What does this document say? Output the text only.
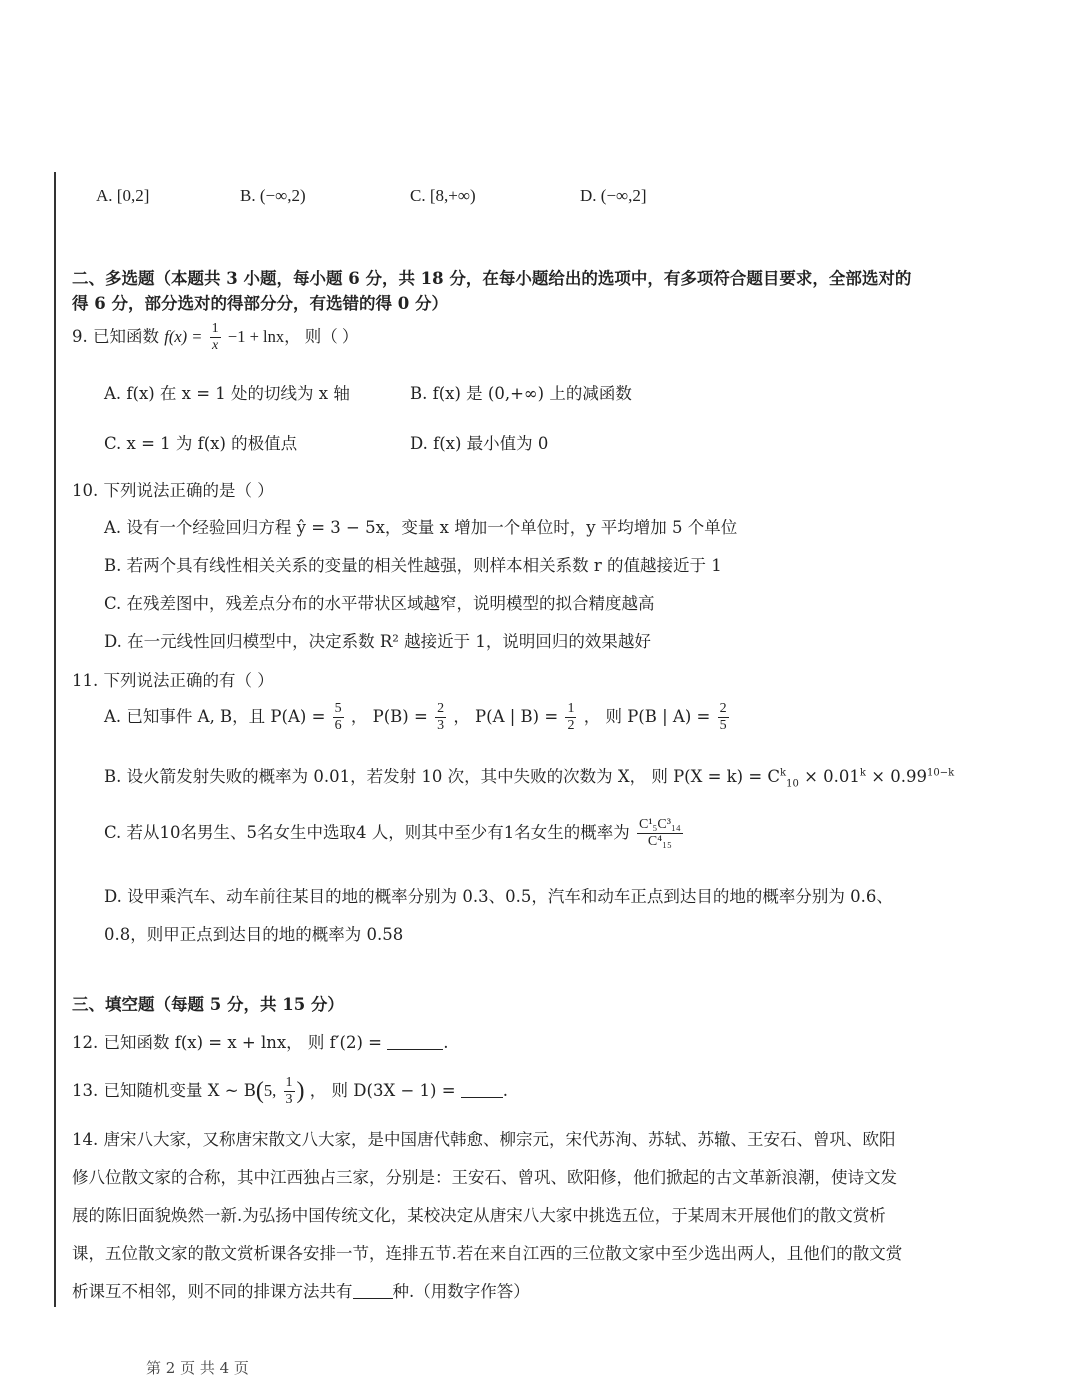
A. [0,2]	B. (−∞,2)	C. [8,+∞)	D. (−∞,2]
二、多选题（本题共 3 小题，每小题 6 分，共 18 分，在每小题给出的选项中，有多项符合题目要求，全部选对的
得 6 分，部分选对的得部分分，有选错的得 0 分）
9. 已知函数 $f(x) = \frac{1}{x} -1 + \ln x$， 则（ ）
A. f(x) 在 x = 1 处的切线为 x 轴	B. f(x) 是 (0,+∞) 上的减函数
C. x = 1 为 f(x) 的极值点	D. f(x) 最小值为 0
10. 下列说法正确的是（ ）
A. 设有一个经验回归方程 ŷ = 3 − 5x，变量 x 增加一个单位时，y 平均增加 5 个单位
B. 若两个具有线性相关关系的变量的相关性越强，则样本相关系数 r 的值越接近于 1
C. 在残差图中，残差点分布的水平带状区域越窄，说明模型的拟合精度越高
D. 在一元线性回归模型中，决定系数 R² 越接近于 1，说明回归的效果越好
11. 下列说法正确的有（ ）
A. 已知事件 A, B，且 $P(A) = \frac{5}{6}$ ， $P(B) = \frac{2}{3}$ ， P(A | $B) = \frac{1}{2}$ ， 则 P(B | $A) = \frac{2}{5}$
B. 设火箭发射失败的概率为 0.01，若发射 10 次，其中失败的次数为 X， 则 $P(X = k) = C^k_{10} \times 0.01^k \times 0.99^{10-k}$
C. 若从10名男生、5名女生中选取4 人，则其中至少有1名女生的概率为 $\frac{\text{C¹₅C³₁₄}}{\text{C⁴₁₅}}$
D. 设甲乘汽车、动车前往某目的地的概率分别为 0.3、0.5，汽车和动车正点到达目的地的概率分别为 0.6、
0.8，则甲正点到达目的地的概率为 0.58
三、填空题（每题 5 分，共 15 分）
12. 已知函数 f(x) = x + lnx， 则 f′(2) =	.
13. 已知随机变量 X ~ B(5, $\frac{1}{3}$ ) ， 则 D(3X − 1) =	.
14. 唐宋八大家，又称唐宋散文八大家，是中国唐代韩愈、柳宗元，宋代苏洵、苏轼、苏辙、王安石、曾巩、欧阳
修八位散文家的合称，其中江西独占三家，分别是：王安石、曾巩、欧阳修，他们掀起的古文革新浪潮，使诗文发
展的陈旧面貌焕然一新.为弘扬中国传统文化，某校决定从唐宋八大家中挑选五位，于某周末开展他们的散文赏析
课，五位散文家的散文赏析课各安排一节，连排五节.若在来自江西的三位散文家中至少选出两人，且他们的散文赏
析课互不相邻，则不同的排课方法共有 种.（用数字作答）
第 2 页 共 4 页
